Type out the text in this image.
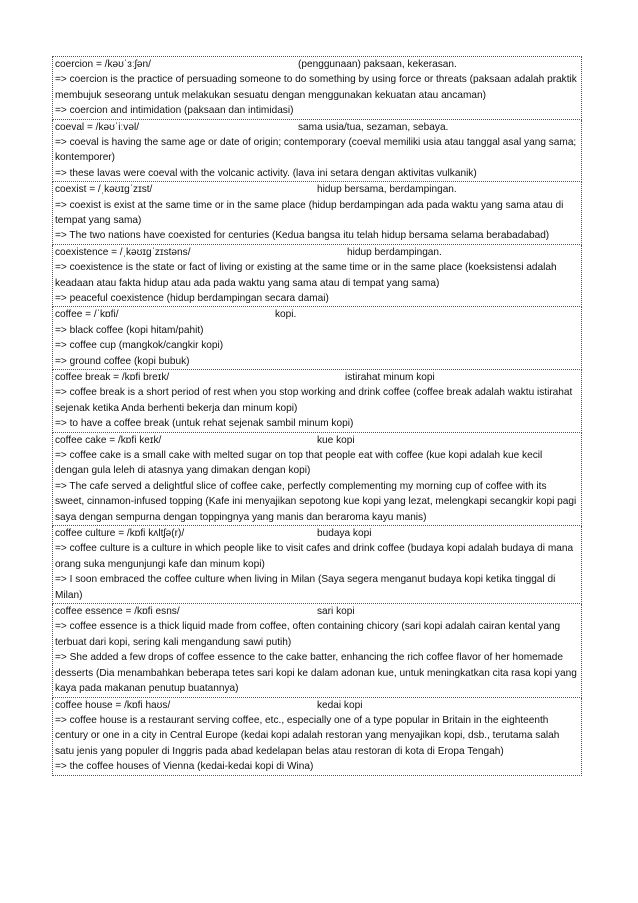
coercion = /kəʊˈɜːʃən/	(penggunaan) paksaan, kekerasan.
=> coercion is the practice of persuading someone to do something by using force or threats (paksaan adalah praktik membujuk seseorang untuk melakukan sesuatu dengan menggunakan kekuatan atau ancaman)
=> coercion and intimidation (paksaan dan intimidasi)
coeval = /kəʊˈiːvəl/	sama usia/tua, sezaman, sebaya.
=> coeval is having the same age or date of origin; contemporary (coeval memiliki usia atau tanggal asal yang sama; kontemporer)
=> these lavas were coeval with the volcanic activity. (lava ini setara dengan aktivitas vulkanik)
coexist = /ˌkəʊɪɡˈzɪst/	hidup bersama, berdampingan.
=> coexist is exist at the same time or in the same place (hidup berdampingan ada pada waktu yang sama atau di tempat yang sama)
=> The two nations have coexisted for centuries (Kedua bangsa itu telah hidup bersama selama berabadabad)
coexistence = /ˌkəʊɪɡˈzɪstəns/	hidup berdampingan.
=> coexistence is the state or fact of living or existing at the same time or in the same place (koeksistensi adalah keadaan atau fakta hidup atau ada pada waktu yang sama atau di tempat yang sama)
=> peaceful coexistence (hidup berdampingan secara damai)
coffee = /ˈkɒfi/	kopi.
=> black coffee (kopi hitam/pahit)
=> coffee cup (mangkok/cangkir kopi)
=> ground coffee (kopi bubuk)
coffee break = /kɒfi breɪk/	istirahat minum kopi
=> coffee break is a short period of rest when you stop working and drink coffee (coffee break adalah waktu istirahat sejenak ketika Anda berhenti bekerja dan minum kopi)
=> to have a coffee break (untuk rehat sejenak sambil minum kopi)
coffee cake = /kɒfi keɪk/	kue kopi
=> coffee cake is a small cake with melted sugar on top that people eat with coffee (kue kopi adalah kue kecil dengan gula leleh di atasnya yang dimakan dengan kopi)
=> The cafe served a delightful slice of coffee cake, perfectly complementing my morning cup of coffee with its sweet, cinnamon-infused topping (Kafe ini menyajikan sepotong kue kopi yang lezat, melengkapi secangkir kopi pagi saya dengan sempurna dengan toppingnya yang manis dan beraroma kayu manis)
coffee culture = /kɒfi kʌltʃə(r)/	budaya kopi
=> coffee culture is a culture in which people like to visit cafes and drink coffee (budaya kopi adalah budaya di mana orang suka mengunjungi kafe dan minum kopi)
=> I soon embraced the coffee culture when living in Milan (Saya segera menganut budaya kopi ketika tinggal di Milan)
coffee essence = /kɒfi esns/	sari kopi
=> coffee essence is a thick liquid made from coffee, often containing chicory (sari kopi adalah cairan kental yang terbuat dari kopi, sering kali mengandung sawi putih)
=> She added a few drops of coffee essence to the cake batter, enhancing the rich coffee flavor of her homemade desserts (Dia menambahkan beberapa tetes sari kopi ke dalam adonan kue, untuk meningkatkan cita rasa kopi yang kaya pada makanan penutup buatannya)
coffee house = /kɒfi haʊs/	kedai kopi
=> coffee house is a restaurant serving coffee, etc., especially one of a type popular in Britain in the eighteenth century or one in a city in Central Europe (kedai kopi adalah restoran yang menyajikan kopi, dsb., terutama salah satu jenis yang populer di Inggris pada abad kedelapan belas atau restoran di kota di Eropa Tengah)
=> the coffee houses of Vienna (kedai-kedai kopi di Wina)
